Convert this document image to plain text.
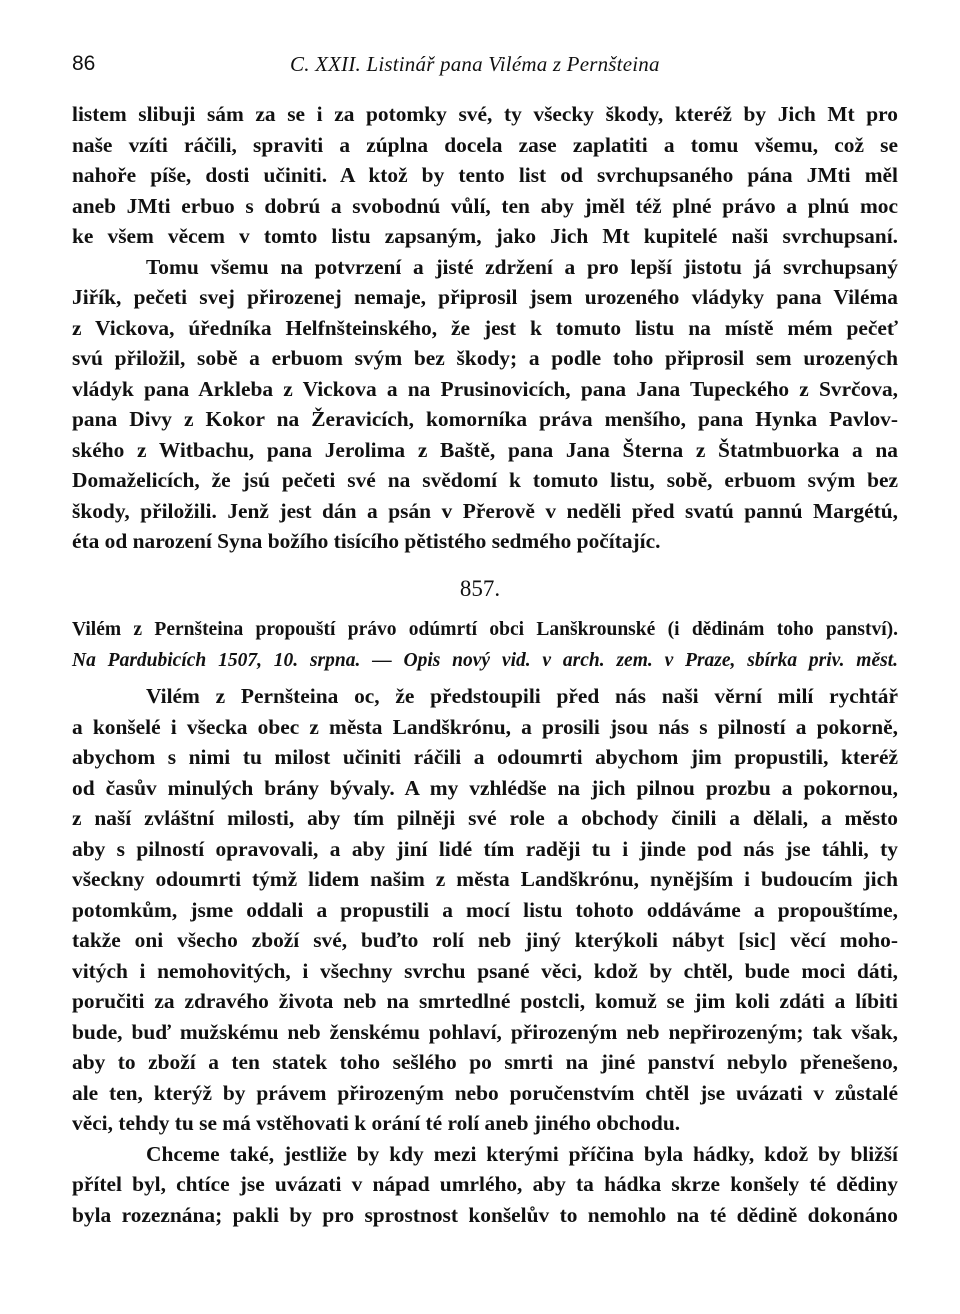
86	C. XXII. Listinář pana Viléma z Pernšteina
listem slibuji sám za se i za potomky své, ty všecky škody, kteréž by Jich Mt pro
naše vzíti ráčili, spraviti a zúplna docela zase zaplatiti a tomu všemu, což se
nahoře píše, dosti učiniti. A ktož by tento list od svrchupsaného pána JMti měl
aneb JMti erbuo s dobrú a svobodnú vůlí, ten aby jměl též plné právo a plnú moc
ke všem věcem v tomto listu zapsaným, jako Jich Mt kupitelé naši svrchupsaní.
Tomu všemu na potvrzení a jisté zdržení a pro lepší jistotu já svrchupsaný
Jiřík, pečeti svej přirozenej nemaje, připrosil jsem urozeného vládyky pana Viléma
z Vickova, úředníka Helfnšteinského, že jest k tomuto listu na místě mém pečeť
svú přiložil, sobě a erbuom svým bez škody; a podle toho připrosil sem urozených
vládyk pana Arkleba z Vickova a na Prusinovicích, pana Jana Tupeckého z Svrčova,
pana Divy z Kokor na Žeravicích, komorníka práva menšího, pana Hynka Pavlov-
ského z Witbachu, pana Jerolima z Baště, pana Jana Šterna z Štatmbuorka a na
Domaželicích, že jsú pečeti své na svědomí k tomuto listu, sobě, erbuom svým bez
škody, přiložili. Jenž jest dán a psán v Přerově v neděli před svatú pannú Margétú,
éta od narození Syna božího tisícího pětistého sedmého počítajíc.
857.
Vilém z Pernšteina propouští právo odúmrtí obci Lanškrounské (i dědinám toho panství).
Na Pardubicích 1507, 10. srpna. — Opis nový vid. v arch. zem. v Praze, sbírka priv. měst.
Vilém z Pernšteina oc, že předstoupili před nás naši věrní milí rychtář
a konšelé i všecka obec z města Landškrónu, a prosili jsou nás s pilností a pokorně,
abychom s nimi tu milost učiniti ráčili a odoumrti abychom jim propustili, kteréž
od časův minulých brány bývaly. A my vzhlédše na jich pilnou prozbu a pokornou,
z naší zvláštní milosti, aby tím pilněji své role a obchody činili a dělali, a město
aby s pilností opravovali, a aby jiní lidé tím raději tu i jinde pod nás jse táhli, ty
všeckny odoumrti týmž lidem našim z města Landškrónu, nynějším i budoucím jich
potomkům, jsme oddali a propustili a mocí listu tohoto oddáváme a propouštíme,
takže oni všecho zboží své, buďto rolí neb jiný kterýkoli nábyt [sic] věcí moho-
vitých i nemohovitých, i všechny svrchu psané věci, kdož by chtěl, bude moci dáti,
poručiti za zdravého života neb na smrtedlné postcli, komuž se jim koli zdáti a líbiti
bude, buď mužskému neb ženskému pohlaví, přirozeným neb nepřirozeným; tak však,
aby to zboží a ten statek toho sešlého po smrti na jiné panství nebylo přenešeno,
ale ten, kterýž by právem přirozeným nebo poručenstvím chtěl jse uvázati v zůstalé
věci, tehdy tu se má vstěhovati k orání té rolí aneb jiného obchodu.
Chceme také, jestliže by kdy mezi kterými příčina byla hádky, kdož by bližší
přítel byl, chtíce jse uvázati v nápad umrlého, aby ta hádka skrze konšely té dědiny
byla rozeznána; pakli by pro sprostnost konšelův to nemohlo na té dědině dokonáno
